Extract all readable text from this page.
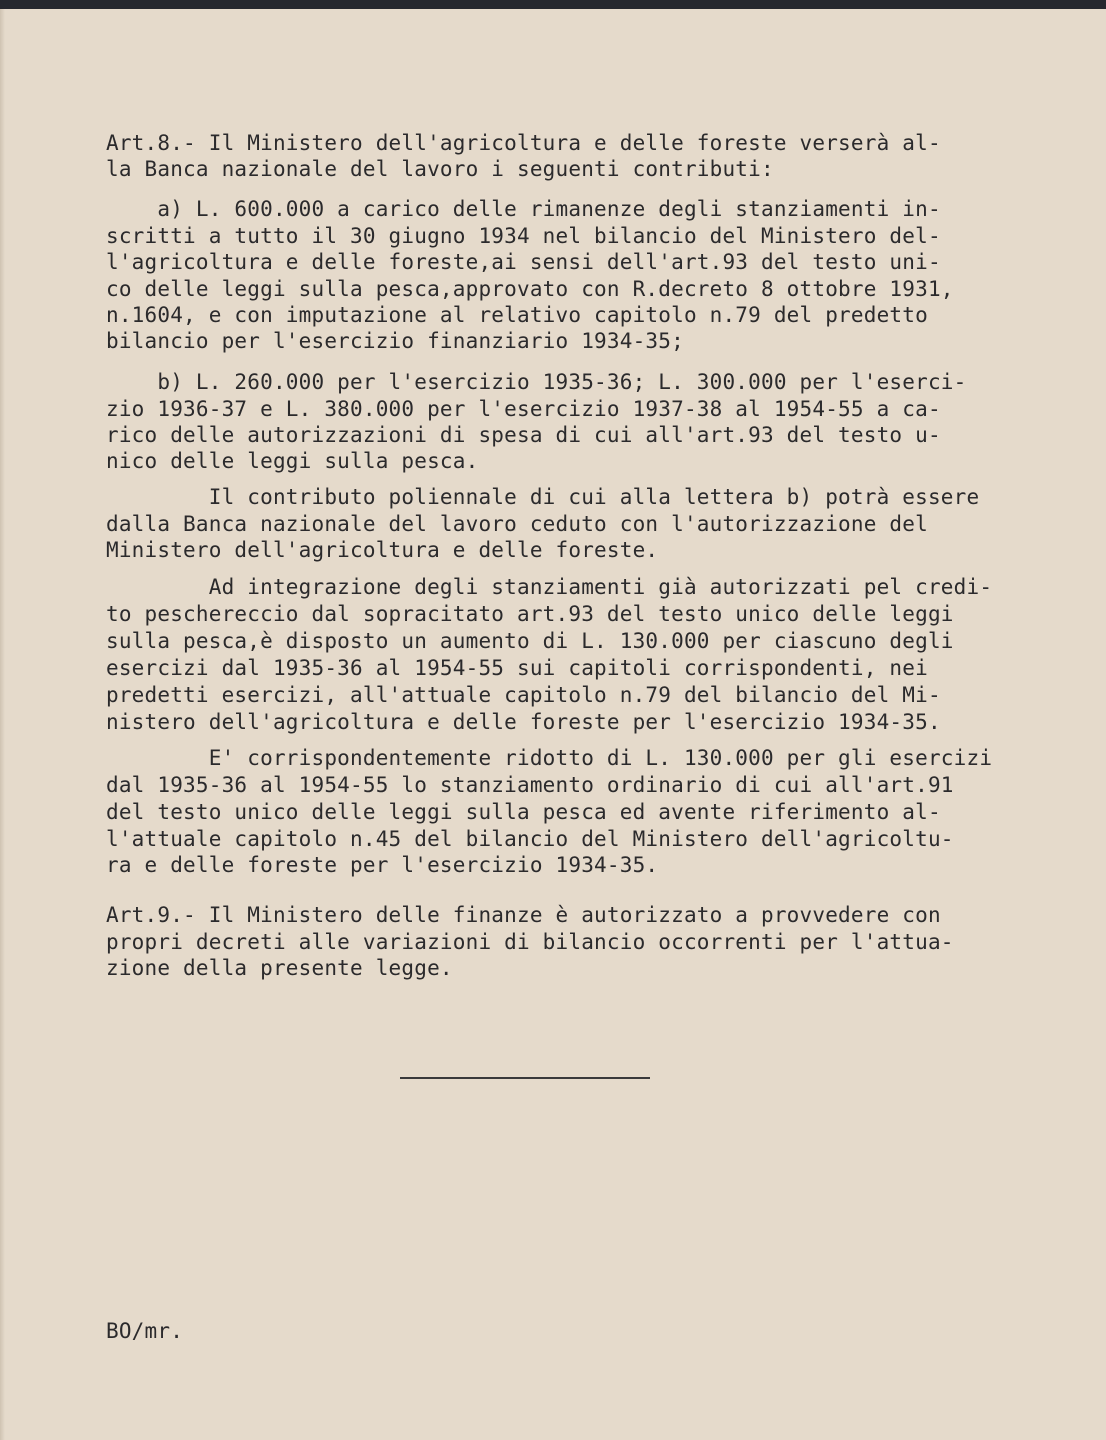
Art.8.- Il Ministero dell'agricoltura e delle foreste verserà al-
la Banca nazionale del lavoro i seguenti contributi:
a) L. 600.000 a carico delle rimanenze degli stanziamenti in-
scritti a tutto il 30 giugno 1934 nel bilancio del Ministero del-
l'agricoltura e delle foreste,ai sensi dell'art.93 del testo uni-
co delle leggi sulla pesca,approvato con R.decreto 8 ottobre 1931,
n.1604, e con imputazione al relativo capitolo n.79 del predetto
bilancio per l'esercizio finanziario 1934-35;
b) L. 260.000 per l'esercizio 1935-36; L. 300.000 per l'eserci-
zio 1936-37 e L. 380.000 per l'esercizio 1937-38 al 1954-55 a ca-
rico delle autorizzazioni di spesa di cui all'art.93 del testo u-
nico delle leggi sulla pesca.
Il contributo poliennale di cui alla lettera b) potrà essere
dalla Banca nazionale del lavoro ceduto con l'autorizzazione del
Ministero dell'agricoltura e delle foreste.
Ad integrazione degli stanziamenti già autorizzati pel credi-
to peschereccio dal sopracitato art.93 del testo unico delle leggi
sulla pesca,è disposto un aumento di L. 130.000 per ciascuno degli
esercizi dal 1935-36 al 1954-55 sui capitoli corrispondenti, nei
predetti esercizi, all'attuale capitolo n.79 del bilancio del Mi-
nistero dell'agricoltura e delle foreste per l'esercizio 1934-35.
E' corrispondentemente ridotto di L. 130.000 per gli esercizi
dal 1935-36 al 1954-55 lo stanziamento ordinario di cui all'art.91
del testo unico delle leggi sulla pesca ed avente riferimento al-
l'attuale capitolo n.45 del bilancio del Ministero dell'agricoltu-
ra e delle foreste per l'esercizio 1934-35.
Art.9.- Il Ministero delle finanze è autorizzato a provvedere con
propri decreti alle variazioni di bilancio occorrenti per l'attua-
zione della presente legge.
BO/mr.
